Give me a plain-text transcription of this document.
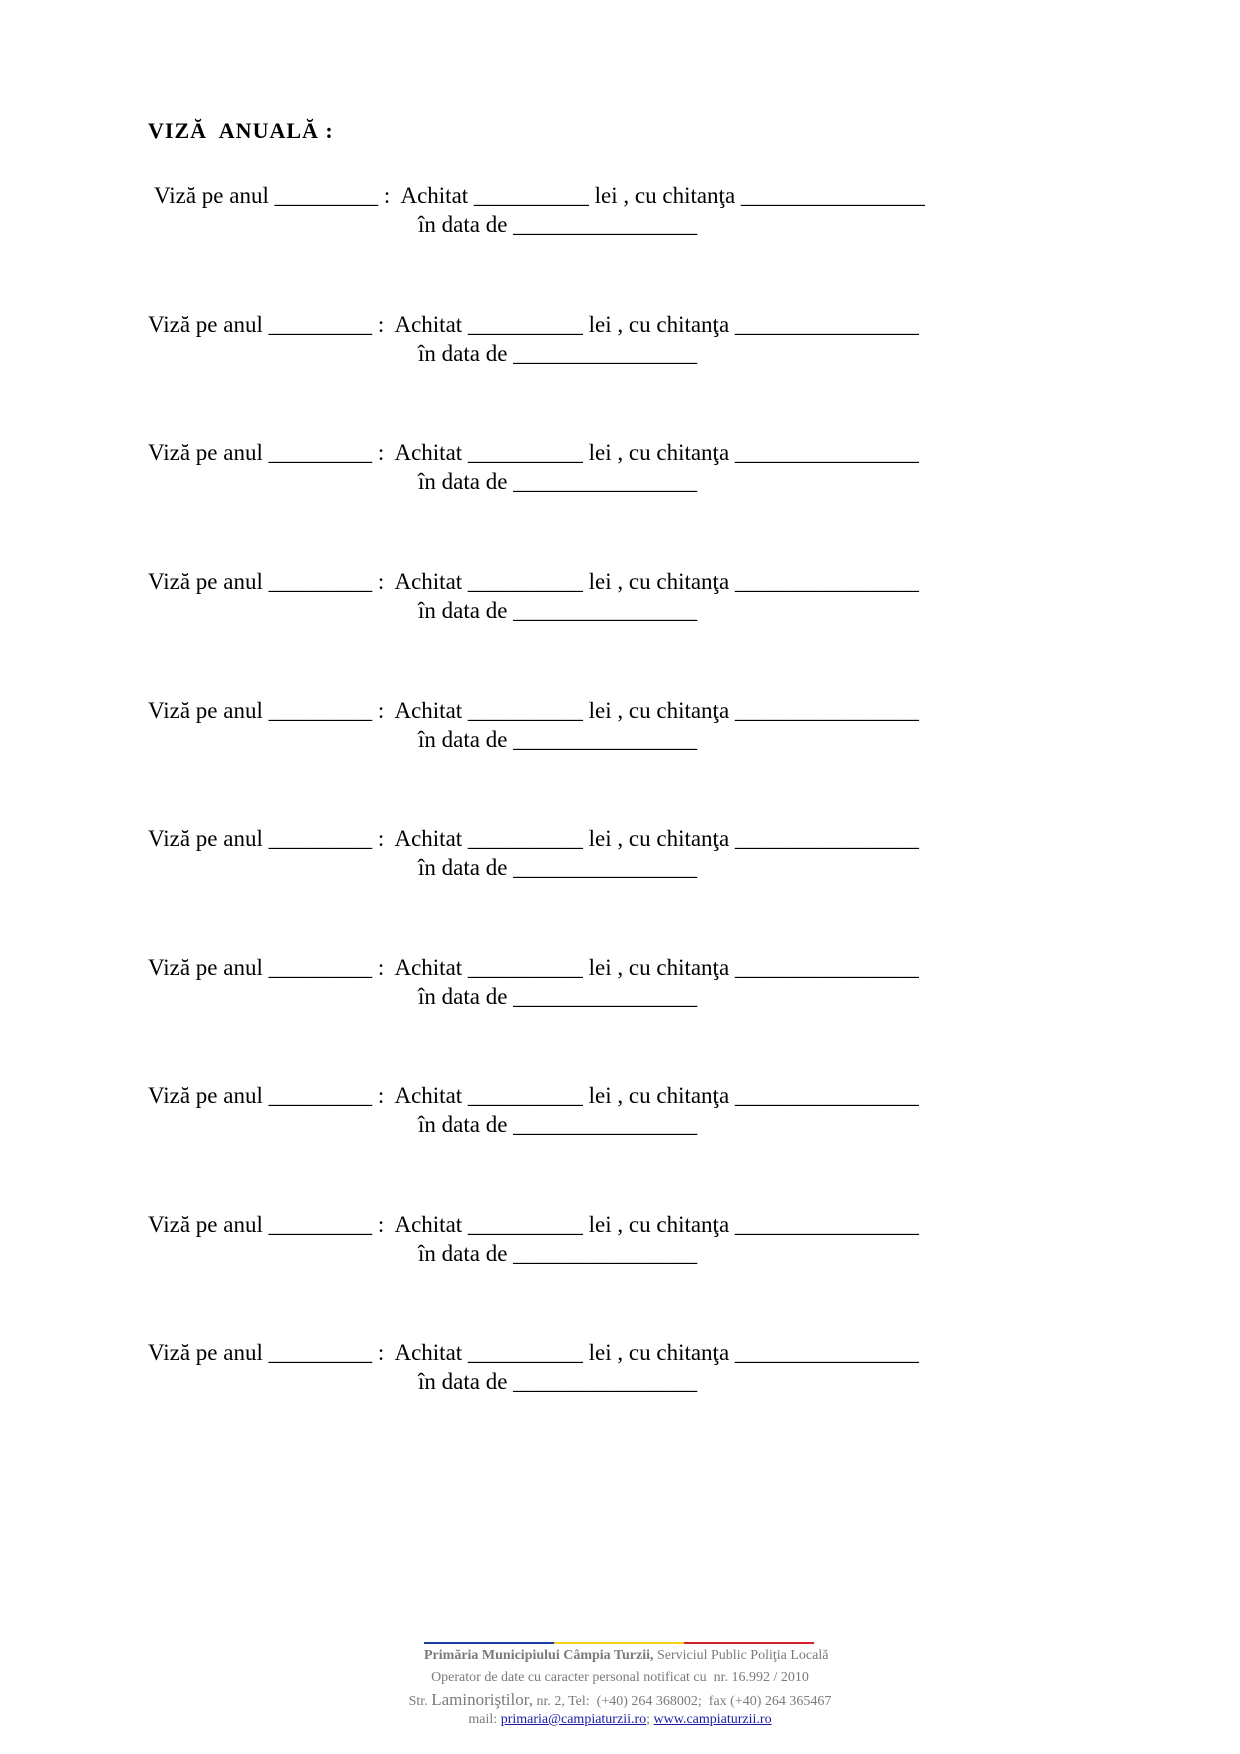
VIZĂ  ANUALĂ :
Viză pe anul _________ :  Achitat __________ lei , cu chitanţa ________________
în data de ________________
Viză pe anul _________ :  Achitat __________ lei , cu chitanţa ________________
în data de ________________
Viză pe anul _________ :  Achitat __________ lei , cu chitanţa ________________
în data de ________________
Viză pe anul _________ :  Achitat __________ lei , cu chitanţa ________________
în data de ________________
Viză pe anul _________ :  Achitat __________ lei , cu chitanţa ________________
în data de ________________
Viză pe anul _________ :  Achitat __________ lei , cu chitanţa ________________
în data de ________________
Viză pe anul _________ :  Achitat __________ lei , cu chitanţa ________________
în data de ________________
Viză pe anul _________ :  Achitat __________ lei , cu chitanţa ________________
în data de ________________
Viză pe anul _________ :  Achitat __________ lei , cu chitanţa ________________
în data de ________________
Viză pe anul _________ :  Achitat __________ lei , cu chitanţa ________________
în data de ________________
Primăria Municipiului Câmpia Turzii, Serviciul Public Poliţia Locală
Operator de date cu caracter personal notificat cu  nr. 16.992 / 2010
Str. Laminoriştilor, nr. 2, Tel:  (+40) 264 368002;  fax (+40) 264 365467
mail: primaria@campiaturzii.ro; www.campiaturzii.ro
